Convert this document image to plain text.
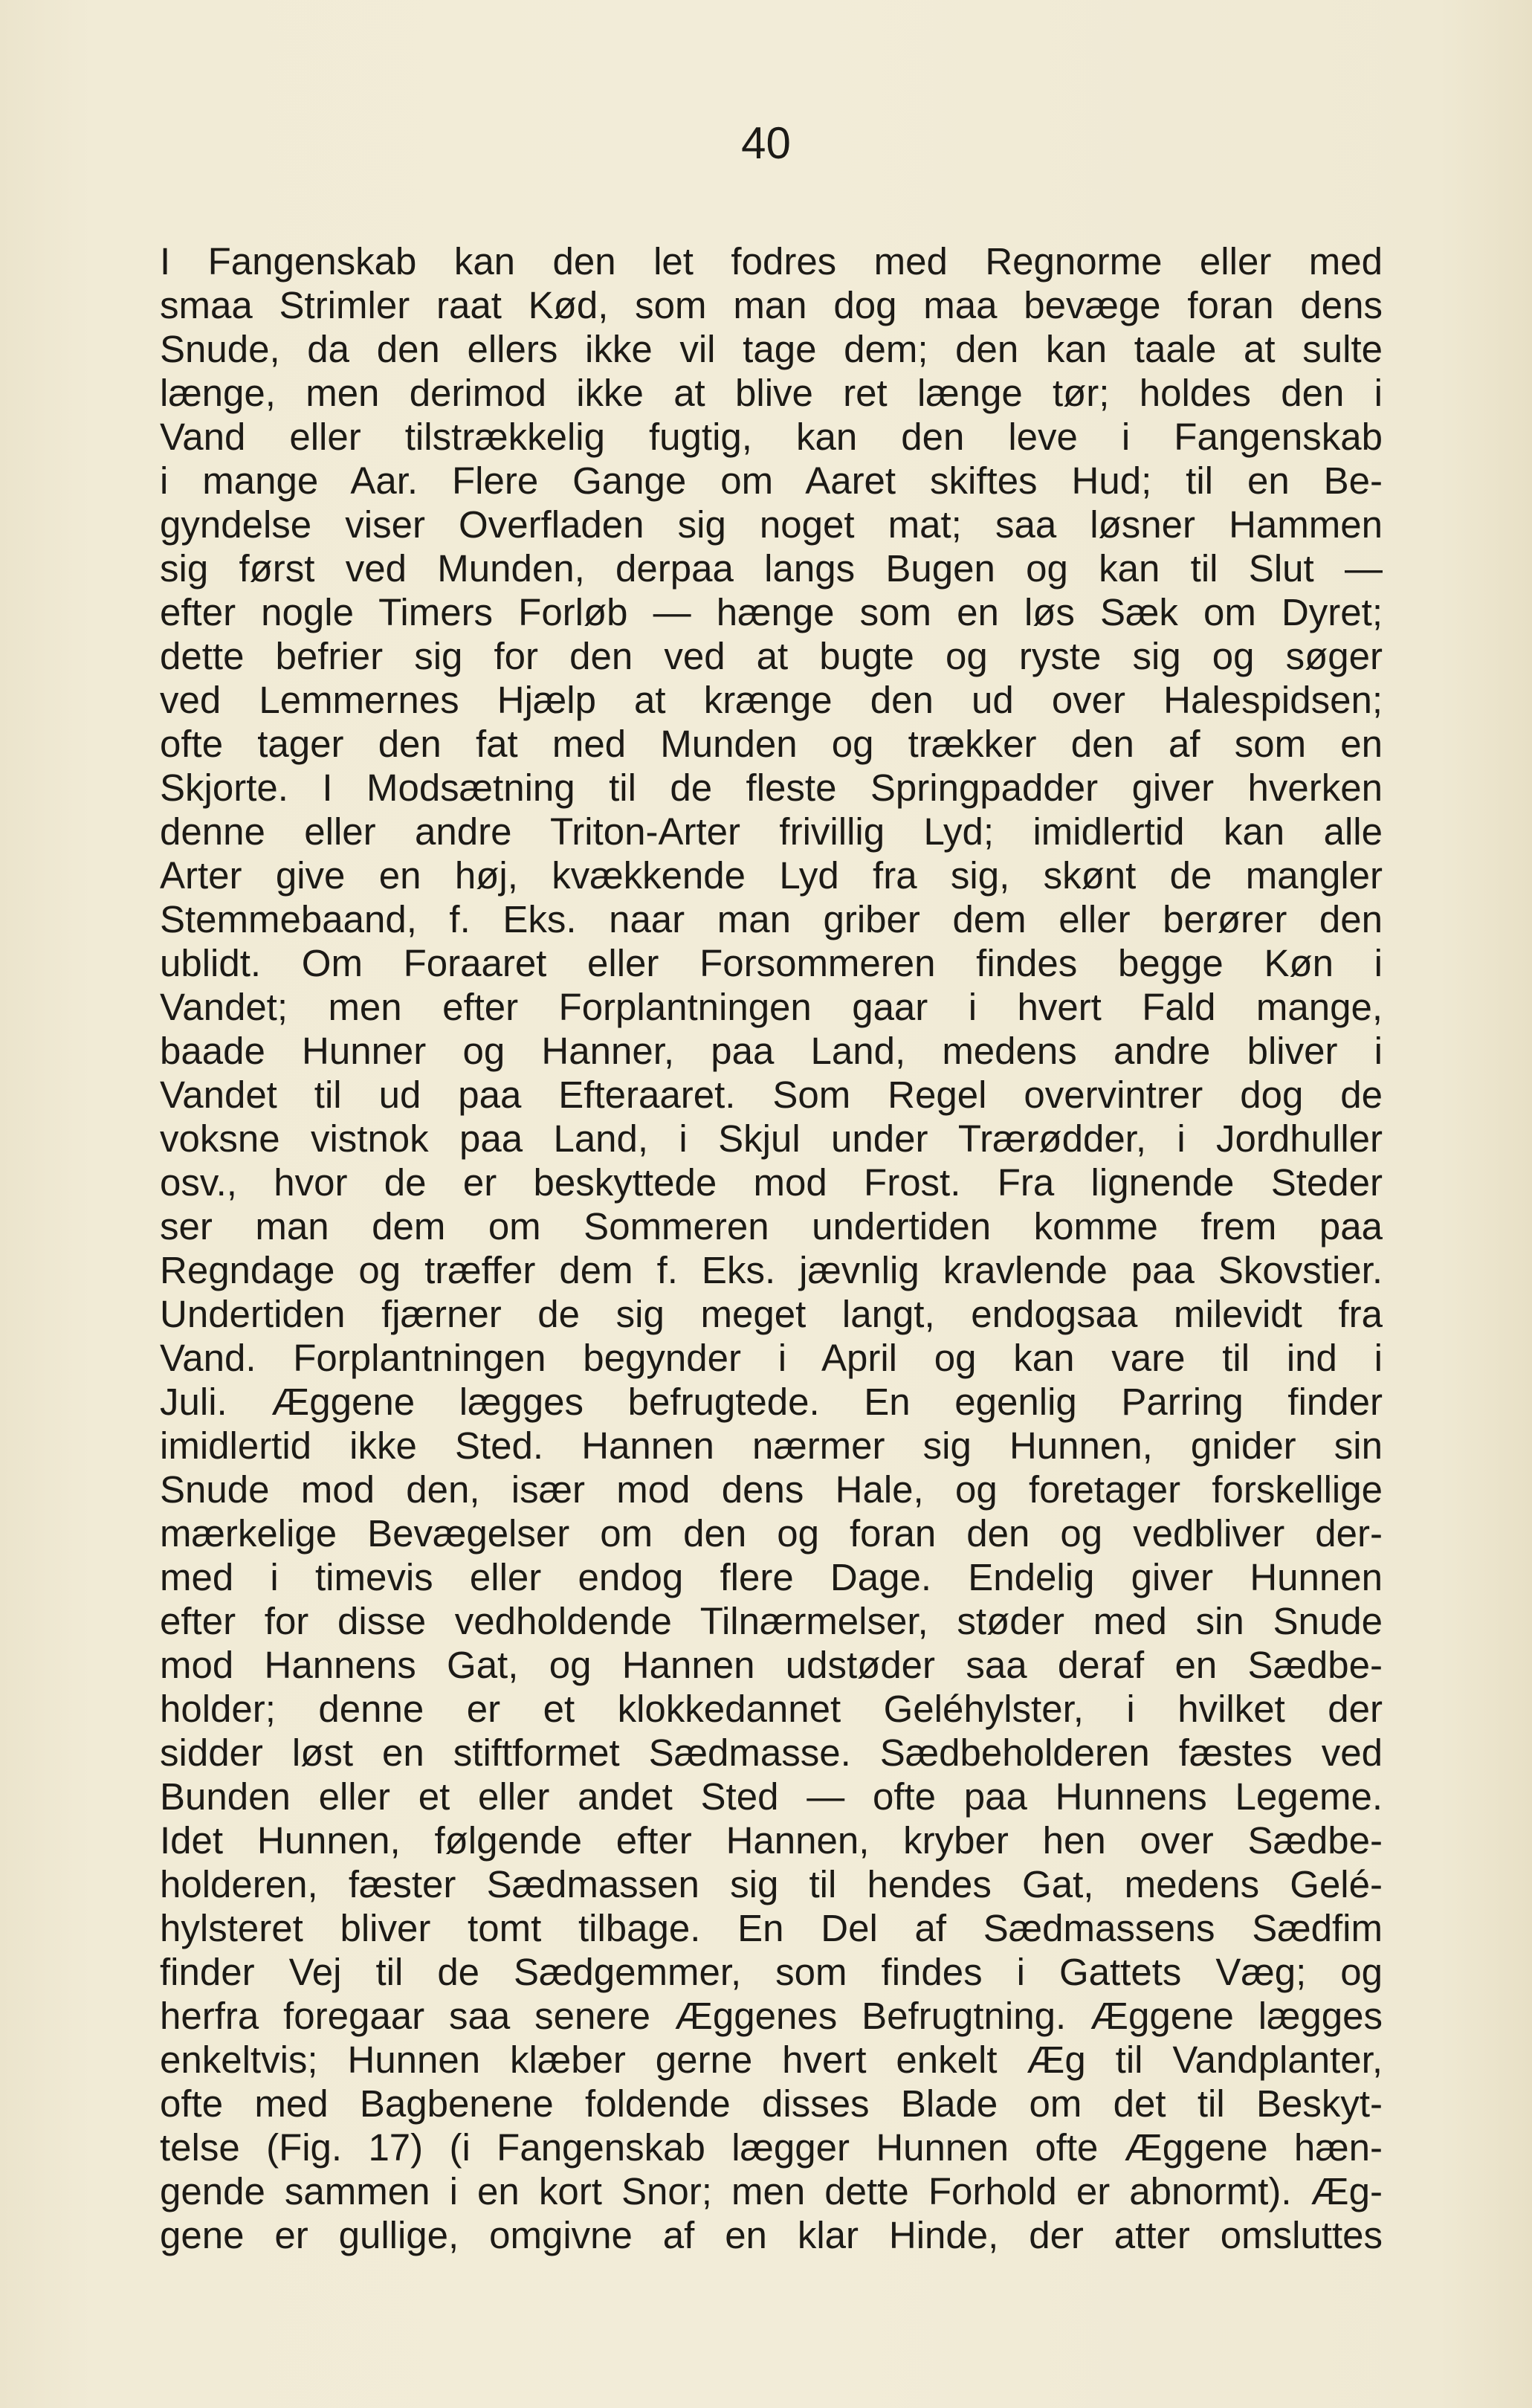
40
I Fangenskab kan den let fodres med Regnorme eller med
smaa Strimler raat Kød, som man dog maa bevæge foran dens
Snude, da den ellers ikke vil tage dem; den kan taale at sulte
længe, men derimod ikke at blive ret længe tør; holdes den i
Vand eller tilstrækkelig fugtig, kan den leve i Fangenskab
i mange Aar. Flere Gange om Aaret skiftes Hud; til en Be-
gyndelse viser Overfladen sig noget mat; saa løsner Hammen
sig først ved Munden, derpaa langs Bugen og kan til Slut —
efter nogle Timers Forløb — hænge som en løs Sæk om Dyret;
dette befrier sig for den ved at bugte og ryste sig og søger
ved Lemmernes Hjælp at krænge den ud over Halespidsen;
ofte tager den fat med Munden og trækker den af som en
Skjorte. I Modsætning til de fleste Springpadder giver hverken
denne eller andre Triton-Arter frivillig Lyd; imidlertid kan alle
Arter give en høj, kvækkende Lyd fra sig, skønt de mangler
Stemmebaand, f. Eks. naar man griber dem eller berører den
ublidt. Om Foraaret eller Forsommeren findes begge Køn i
Vandet; men efter Forplantningen gaar i hvert Fald mange,
baade Hunner og Hanner, paa Land, medens andre bliver i
Vandet til ud paa Efteraaret. Som Regel overvintrer dog de
voksne vistnok paa Land, i Skjul under Trærødder, i Jordhuller
osv., hvor de er beskyttede mod Frost. Fra lignende Steder
ser man dem om Sommeren undertiden komme frem paa
Regndage og træffer dem f. Eks. jævnlig kravlende paa Skovstier.
Undertiden fjærner de sig meget langt, endogsaa milevidt fra
Vand. Forplantningen begynder i April og kan vare til ind i
Juli. Æggene lægges befrugtede. En egenlig Parring finder
imidlertid ikke Sted. Hannen nærmer sig Hunnen, gnider sin
Snude mod den, især mod dens Hale, og foretager forskellige
mærkelige Bevægelser om den og foran den og vedbliver der-
med i timevis eller endog flere Dage. Endelig giver Hunnen
efter for disse vedholdende Tilnærmelser, støder med sin Snude
mod Hannens Gat, og Hannen udstøder saa deraf en Sædbe-
holder; denne er et klokkedannet Geléhylster, i hvilket der
sidder løst en stiftformet Sædmasse. Sædbeholderen fæstes ved
Bunden eller et eller andet Sted — ofte paa Hunnens Legeme.
Idet Hunnen, følgende efter Hannen, kryber hen over Sædbe-
holderen, fæster Sædmassen sig til hendes Gat, medens Gelé-
hylsteret bliver tomt tilbage. En Del af Sædmassens Sædfim
finder Vej til de Sædgemmer, som findes i Gattets Væg; og
herfra foregaar saa senere Æggenes Befrugtning. Æggene lægges
enkeltvis; Hunnen klæber gerne hvert enkelt Æg til Vandplanter,
ofte med Bagbenene foldende disses Blade om det til Beskyt-
telse (Fig. 17) (i Fangenskab lægger Hunnen ofte Æggene hæn-
gende sammen i en kort Snor; men dette Forhold er abnormt). Æg-
gene er gullige, omgivne af en klar Hinde, der atter omsluttes
